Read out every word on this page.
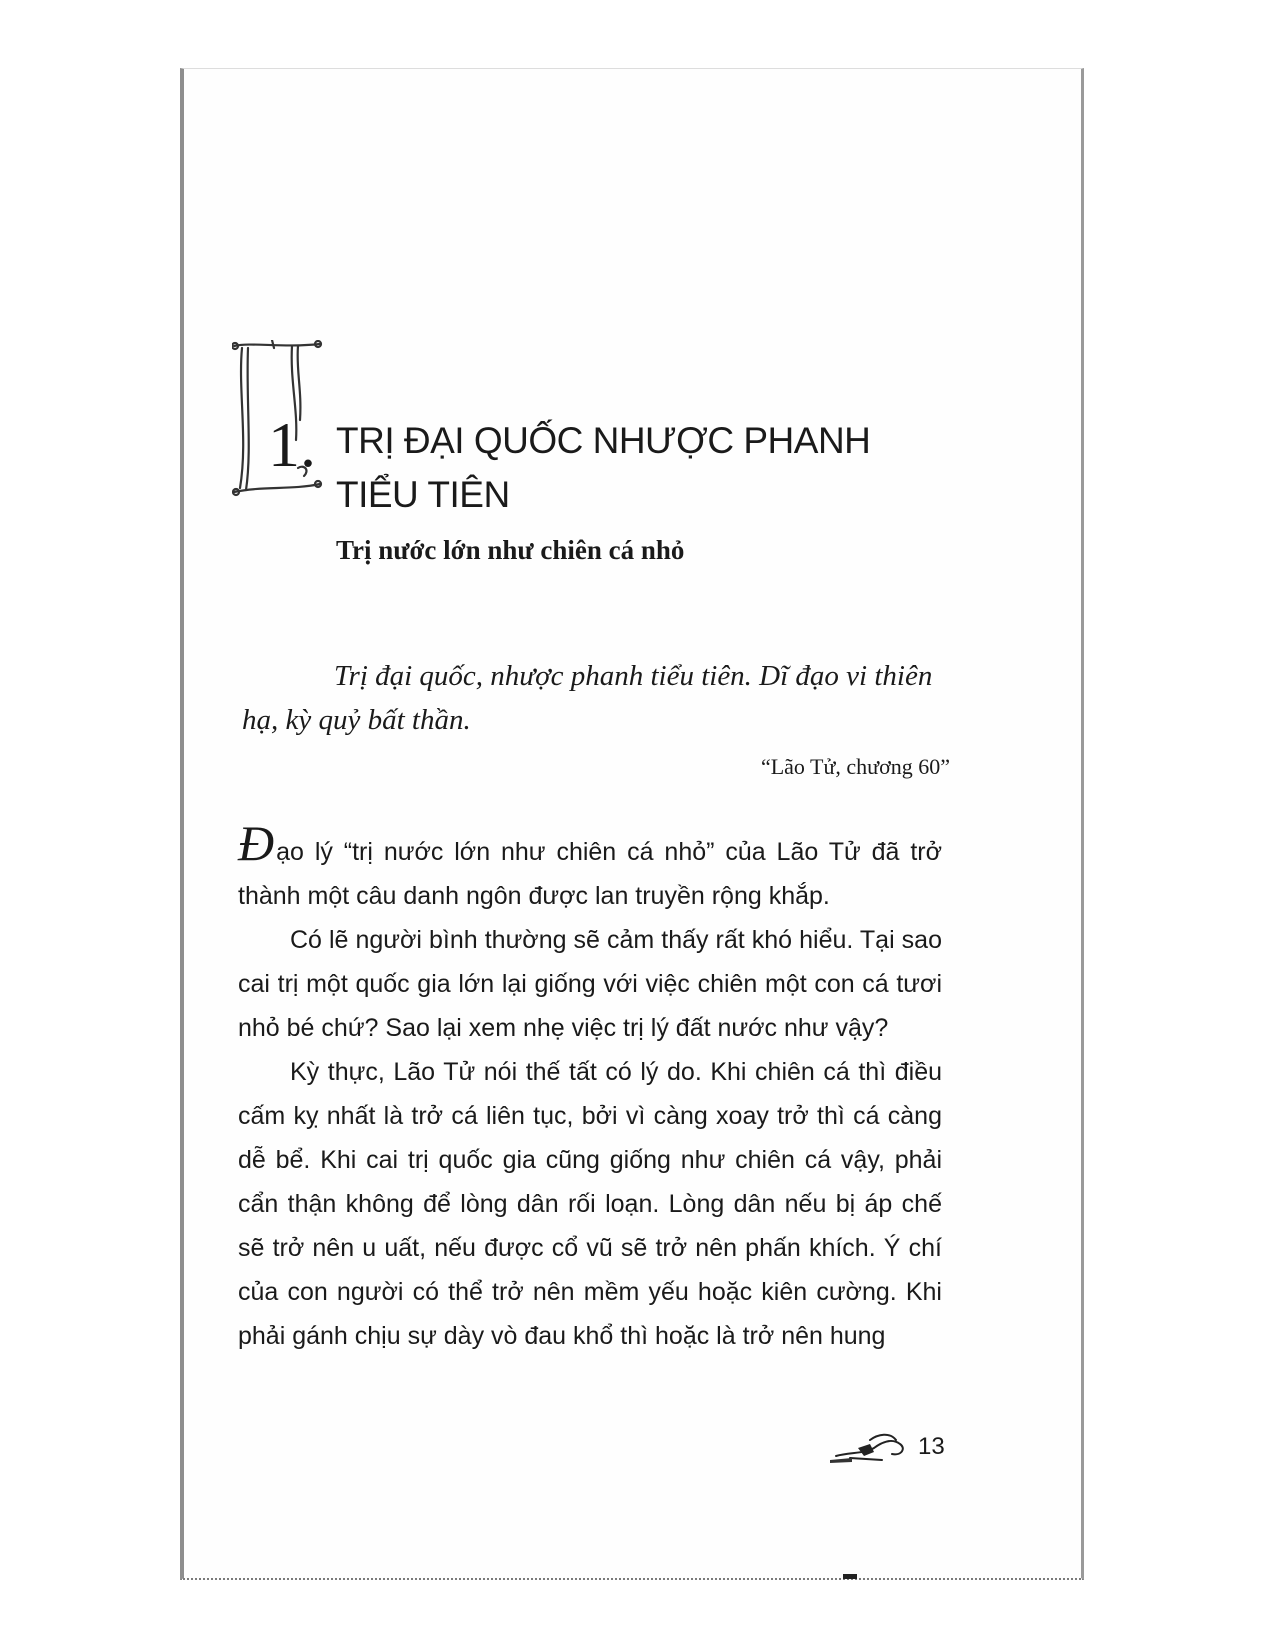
1. TRỊ ĐẠI QUỐC NHƯỢC PHANH
TIỂU TIÊN
Trị nước lớn như chiên cá nhỏ
Trị đại quốc, nhược phanh tiểu tiên. Dĩ đạo vi thiên hạ, kỳ quỷ bất thần.
“Lão Tử, chương 60”

Đạo lý “trị nước lớn như chiên cá nhỏ” của Lão Tử đã trở thành một câu danh ngôn được lan truyền rộng khắp.

Có lẽ người bình thường sẽ cảm thấy rất khó hiểu. Tại sao cai trị một quốc gia lớn lại giống với việc chiên một con cá tươi nhỏ bé chứ? Sao lại xem nhẹ việc trị lý đất nước như vậy?

Kỳ thực, Lão Tử nói thế tất có lý do. Khi chiên cá thì điều cấm kỵ nhất là trở cá liên tục, bởi vì càng xoay trở thì cá càng dễ bể. Khi cai trị quốc gia cũng giống như chiên cá vậy, phải cẩn thận không để lòng dân rối loạn. Lòng dân nếu bị áp chế sẽ trở nên u uất, nếu được cổ vũ sẽ trở nên phấn khích. Ý chí của con người có thể trở nên mềm yếu hoặc kiên cường. Khi phải gánh chịu sự dày vò đau khổ thì hoặc là trở nên hung

13
